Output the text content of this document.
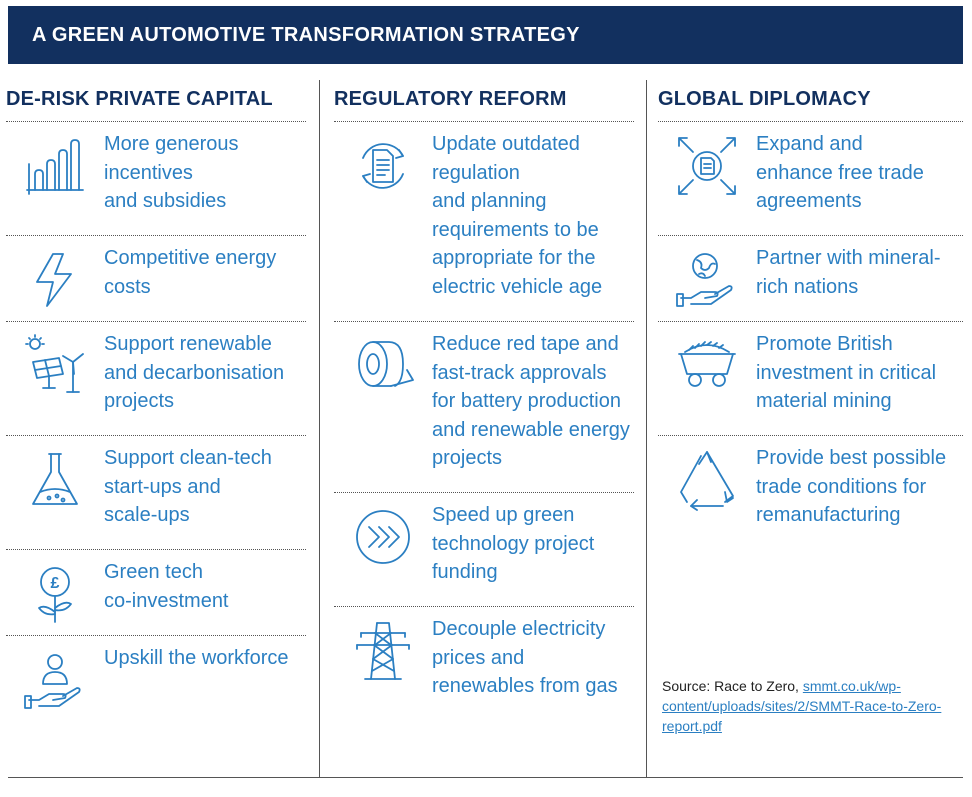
A GREEN AUTOMOTIVE TRANSFORMATION STRATEGY
DE-RISK PRIVATE CAPITAL
More generous
incentives
and subsidies
Competitive energy
costs
Support renewable
and decarbonisation
projects
Support clean-tech
start-ups and
scale-ups
£
Green tech
co-investment
Upskill the workforce
REGULATORY REFORM
Update outdated
regulation
and planning
requirements to be
appropriate for the
electric vehicle age
Reduce red tape and
fast-track approvals
for battery production
and renewable energy
projects
Speed up green
technology project
funding
Decouple electricity
prices and
renewables from gas
GLOBAL DIPLOMACY
Expand and
enhance free trade
agreements
Partner with mineral-
rich nations
Promote British
investment in critical
material mining
Provide best possible
trade conditions for
remanufacturing
Source: Race to Zero, smmt.co.uk/wp-content/uploads/sites/2/SMMT-Race-to-Zero-report.pdf
